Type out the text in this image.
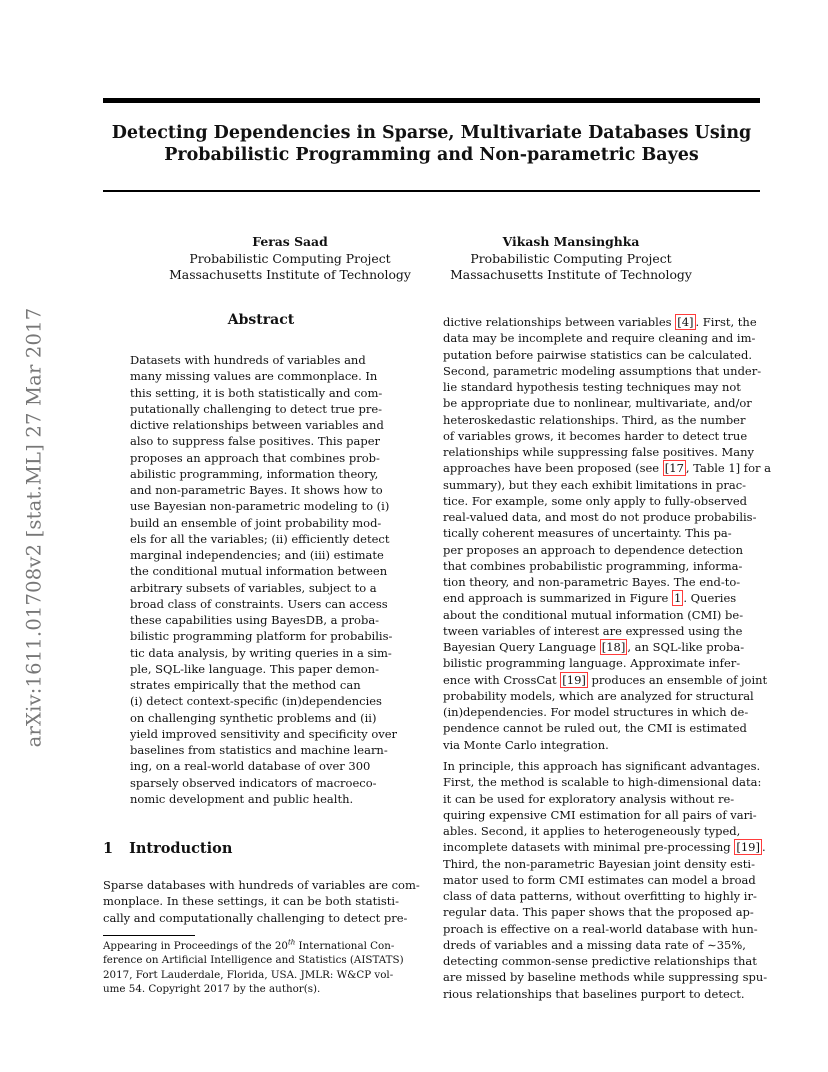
Detecting Dependencies in Sparse, Multivariate Databases Using
Probabilistic Programming and Non-parametric Bayes
Feras Saad
Probabilistic Computing Project
Massachusetts Institute of Technology
Vikash Mansinghka
Probabilistic Computing Project
Massachusetts Institute of Technology
arXiv:1611.01708v2 [stat.ML] 27 Mar 2017	Abstract
Datasets with hundreds of variables and
many missing values are commonplace. In
this setting, it is both statistically and com-
putationally challenging to detect true pre-
dictive relationships between variables and
also to suppress false positives. This paper
proposes an approach that combines prob-
abilistic programming, information theory,
and non-parametric Bayes. It shows how to
use Bayesian non-parametric modeling to (i)
build an ensemble of joint probability mod-
els for all the variables; (ii) efficiently detect
marginal independencies; and (iii) estimate
the conditional mutual information between
arbitrary subsets of variables, subject to a
broad class of constraints. Users can access
these capabilities using BayesDB, a proba-
bilistic programming platform for probabilis-
tic data analysis, by writing queries in a sim-
ple, SQL-like language. This paper demon-
strates empirically that the method can
(i) detect context-specific (in)dependencies
on challenging synthetic problems and (ii)
yield improved sensitivity and specificity over
baselines from statistics and machine learn-
ing, on a real-world database of over 300
sparsely observed indicators of macroeco-
nomic development and public health.
1 Introduction
Sparse databases with hundreds of variables are com-
monplace. In these settings, it can be both statisti-
cally and computationally challenging to detect pre-
Appearing in Proceedings of the 20th International Con-
ference on Artificial Intelligence and Statistics (AISTATS)
2017, Fort Lauderdale, Florida, USA. JMLR: W&CP vol-
ume 54. Copyright 2017 by the author(s).
dictive relationships between variables [4] . First, the
data may be incomplete and require cleaning and im-
putation before pairwise statistics can be calculated.
Second, parametric modeling assumptions that under-
lie standard hypothesis testing techniques may not
be appropriate due to nonlinear, multivariate, and/or
heteroskedastic relationships. Third, as the number
of variables grows, it becomes harder to detect true
relationships while suppressing false positives. Many
approaches have been proposed (see [17 , Table 1] for a
summary), but they each exhibit limitations in prac-
tice. For example, some only apply to fully-observed
real-valued data, and most do not produce probabilis-
tically coherent measures of uncertainty. This pa-
per proposes an approach to dependence detection
that combines probabilistic programming, informa-
tion theory, and non-parametric Bayes. The end-to-
end approach is summarized in Figure 1 . Queries
about the conditional mutual information (CMI) be-
tween variables of interest are expressed using the
Bayesian Query Language [18] , an SQL-like proba-
bilistic programming language. Approximate infer-
ence with CrossCat [19] produces an ensemble of joint
probability models, which are analyzed for structural
(in)dependencies. For model structures in which de-
pendence cannot be ruled out, the CMI is estimated
via Monte Carlo integration.
In principle, this approach has significant advantages.
First, the method is scalable to high-dimensional data:
it can be used for exploratory analysis without re-
quiring expensive CMI estimation for all pairs of vari-
ables. Second, it applies to heterogeneously typed,
incomplete datasets with minimal pre-processing [19] .
Third, the non-parametric Bayesian joint density esti-
mator used to form CMI estimates can model a broad
class of data patterns, without overfitting to highly ir-
regular data. This paper shows that the proposed ap-
proach is effective on a real-world database with hun-
dreds of variables and a missing data rate of ∼35%,
detecting common-sense predictive relationships that
are missed by baseline methods while suppressing spu-
rious relationships that baselines purport to detect.
